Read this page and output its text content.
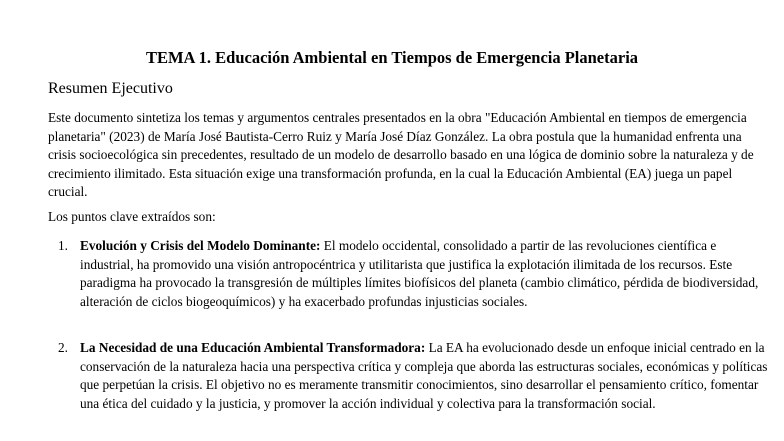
TEMA 1. Educación Ambiental en Tiempos de Emergencia Planetaria
Resumen Ejecutivo

Este documento sintetiza los temas y argumentos centrales presentados en la obra "Educación Ambiental en tiempos de emergencia planetaria" (2023) de María José Bautista-Cerro Ruiz y María José Díaz González. La obra postula que la humanidad enfrenta una crisis socioecológica sin precedentes, resultado de un modelo de desarrollo basado en una lógica de dominio sobre la naturaleza y de crecimiento ilimitado. Esta situación exige una transformación profunda, en la cual la Educación Ambiental (EA) juega un papel crucial.

Los puntos clave extraídos son:

1. Evolución y Crisis del Modelo Dominante: El modelo occidental, consolidado a partir de las revoluciones científica e industrial, ha promovido una visión antropocéntrica y utilitarista que justifica la explotación ilimitada de los recursos. Este paradigma ha provocado la transgresión de múltiples límites biofísicos del planeta (cambio climático, pérdida de biodiversidad, alteración de ciclos biogeoquímicos) y ha exacerbado profundas injusticias sociales.
2. La Necesidad de una Educación Ambiental Transformadora: La EA ha evolucionado desde un enfoque inicial centrado en la conservación de la naturaleza hacia una perspectiva crítica y compleja que aborda las estructuras sociales, económicas y políticas que perpetúan la crisis. El objetivo no es meramente transmitir conocimientos, sino desarrollar el pensamiento crítico, fomentar una ética del cuidado y la justicia, y promover la acción individual y colectiva para la transformación social.
